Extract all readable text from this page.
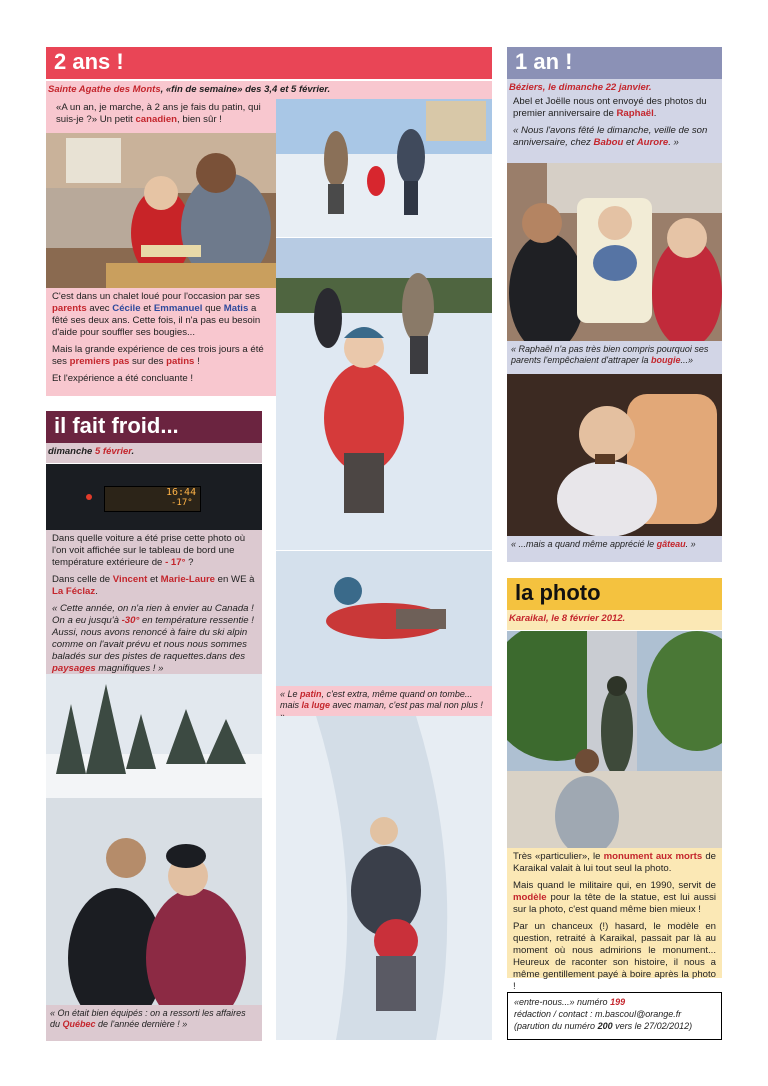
2 ans !
Sainte Agathe des Monts, «fin de semaine» des 3,4 et 5 février.
«A un an, je marche, à 2 ans je fais du patin, qui suis-je ?» Un petit canadien, bien sûr !

C'est dans un chalet loué pour l'occasion par ses parents avec Cécile et Emmanuel que Matis a fêté ses deux ans. Cette fois, il n'a pas eu besoin d'aide pour souffler ses bougies...

Mais la grande expérience de ces trois jours a été ses premiers pas sur des patins !

Et l'expérience a été concluante !

« Le patin, c'est extra, même quand on tombe... mais la luge avec maman, c'est pas mal non plus !
il fait froid...
dimanche 5 février.
16:44
-17°

Dans quelle voiture a été prise cette photo où l'on voit affichée sur le tableau de bord une température extérieure de - 17° ?

Dans celle de Vincent et Marie-Laure en WE à La Féclaz.

« Cette année, on n'a rien à envier au Canada ! On a eu jusqu'à -30° en température ressentie ! Aussi, nous avons renoncé à faire du ski alpin comme on l'avait prévu et nous nous sommes baladés sur des pistes de raquettes.dans des paysages magnifiques ! »

« On était bien équipés : on a ressorti les affaires du Québec de l'année dernière ! »
1 an !
Béziers, le dimanche 22 janvier.

Abel et Joëlle nous ont envoyé des photos du premier anniversaire de Raphaël.

« Nous l'avons fêté le dimanche, veille de son anniversaire, chez Babou et Aurore. »

« Raphaël n'a pas très bien compris pourquoi ses parents l'empêchaient d'attraper la bougie...»
« ...mais a quand même apprécié le gâteau. »
la photo
Karaikal, le 8 février 2012.

Très «particulier», le monument aux morts de Karaikal valait à lui tout seul la photo.

Mais quand le militaire qui, en 1990, servit de modèle pour la tête de la statue, est lui aussi sur la photo, c'est quand même bien mieux !

Par un chanceux (!) hasard, le modèle en question, retraité à Karaikal, passait par là au moment où nous admirions le monument... Heureux de raconter son histoire, il nous a même gentillement payé à boire après la photo !

«entre-nous...» numéro 199
rédaction / contact : m.bascoul@orange.fr
(parution du numéro 200 vers le 27/02/2012)
